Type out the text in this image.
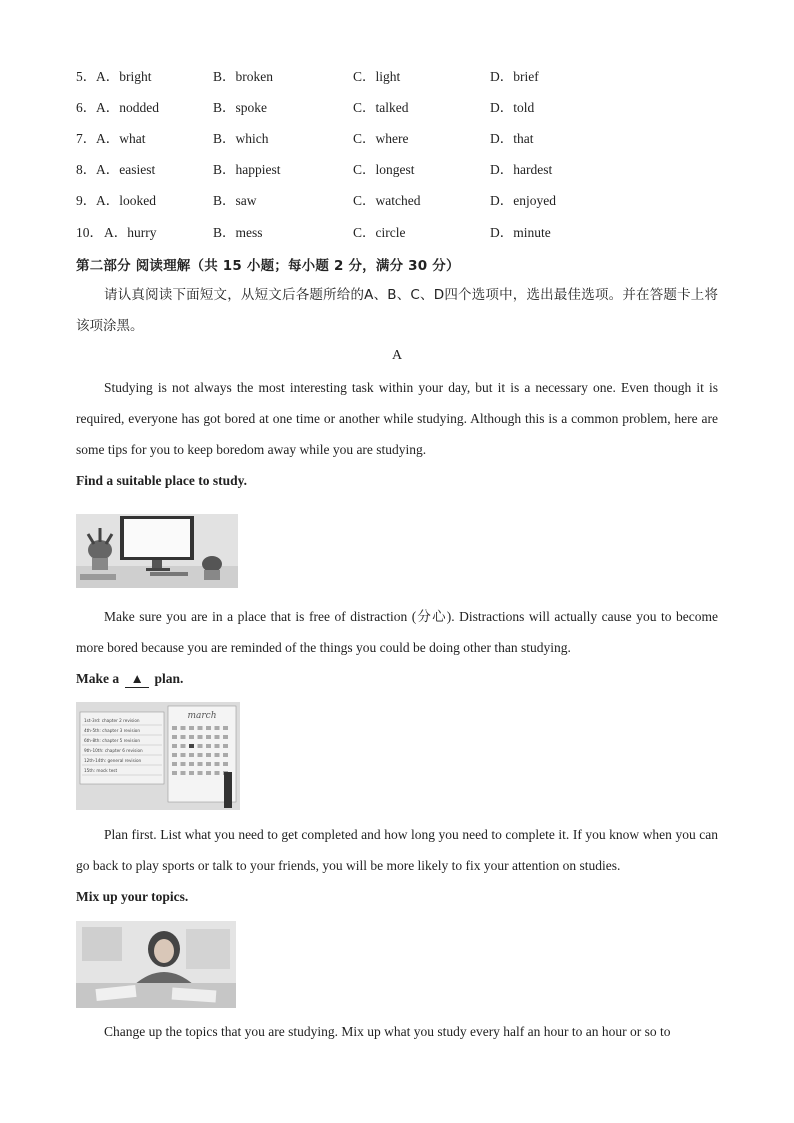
5． A．bright	B．broken	C．light	D．brief
6． A．nodded	B．spoke	C．talked	D．told
7． A．what	B．which	C．where	D．that
8． A．easiest	B．happiest	C．longest	D．hardest
9． A．looked	B．saw	C．watched	D．enjoyed
10． A．hurry	B．mess	C．circle	D．minute
第二部分 阅读理解（共 15 小题；每小题 2 分，满分 30 分）

请认真阅读下面短文，从短文后各题所给的A、B、C、D四个选项中，选出最佳选项。并在答题卡上将该项涂黑。

A

Studying is not always the most interesting task within your day, but it is a necessary one. Even though it is required, everyone has got bored at one time or another while studying. Although this is a common problem, here are some tips for you to keep boredom away while you are studying.

Find a suitable place to study.

Make sure you are in a place that is free of distraction (分心). Distractions will actually cause you to become more bored because you are reminded of the things you could be doing other than studying.

Make a ▲ plan.
1st-3rd: chapter 2 revision
4th-5th: chapter 3 revision
6th-8th: chapter 5 revision
9th-10th: chapter 6 revision
12th-14th: general revision
15th: mock test
march

Plan first. List what you need to get completed and how long you need to complete it. If you know when you can go back to play sports or talk to your friends, you will be more likely to fix your attention on studies.

Mix up your topics.

Change up the topics that you are studying. Mix up what you study every half an hour to an hour or so to
